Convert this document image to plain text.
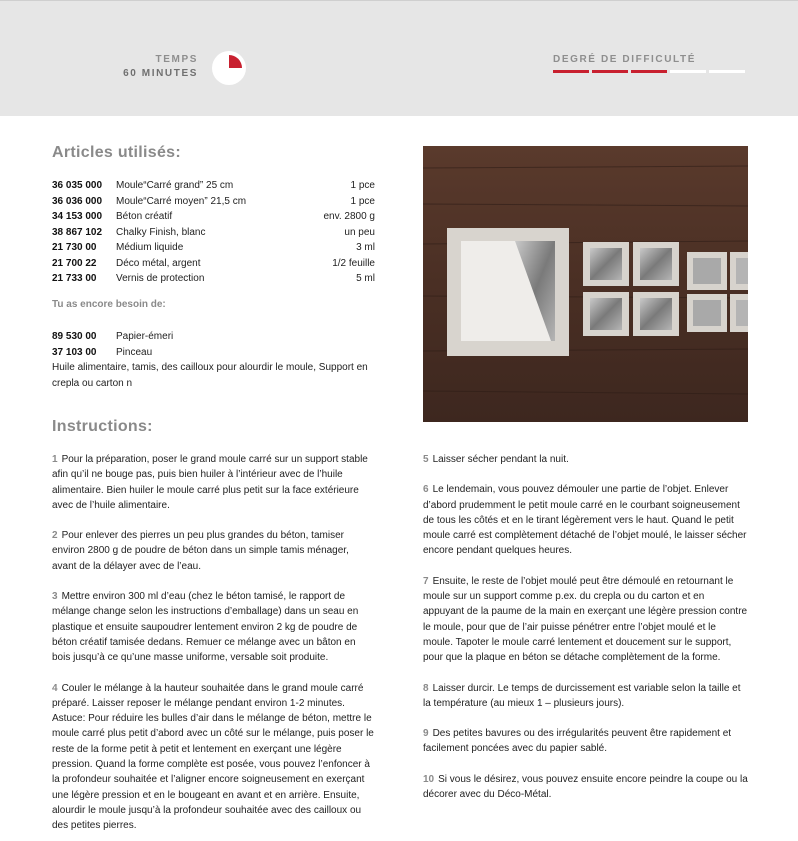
TEMPS
60 MINUTES
DEGRÉ DE DIFFICULTÉ
Articles utilisés:
36 035 000	Moule“Carré grand” 25 cm	1 pce
36 036 000	Moule“Carré moyen” 21,5 cm	1 pce
34 153 000	Béton créatif	env. 2800 g
38 867 102	Chalky Finish, blanc	un peu
21 730 00	Médium liquide	3 ml
21 700 22	Déco métal, argent	1/2 feuille
21 733 00	Vernis de protection	5 ml
Tu as encore besoin de:
89 530 00	Papier-émeri
37 103 00	Pinceau
Huile alimentaire, tamis, des cailloux pour alourdir le moule, Support en crepla ou carton n
Instructions:

1 Pour la préparation, poser le grand moule carré sur un support stable afin qu’il ne bouge pas, puis bien huiler à l’intérieur avec de l’huile alimentaire. Bien huiler le moule carré plus petit sur la face extérieure avec de l’huile alimentaire.

2 Pour enlever des pierres un peu plus grandes du béton, tamiser environ 2800 g de poudre de béton dans un simple tamis ménager, avant de la délayer avec de l’eau.

3 Mettre environ 300 ml d’eau (chez le béton tamisé, le rapport de mélange change selon les instructions d’emballage) dans un seau en plastique et ensuite saupoudrer lentement environ 2 kg de poudre de béton créatif tamisée dedans. Remuer ce mélange avec un bâton en bois jusqu’à ce qu’une masse uniforme, versable soit produite.

4 Couler le mélange à la hauteur souhaitée dans le grand moule carré préparé. Laisser reposer le mélange pendant environ 1-2 minutes. Astuce: Pour réduire les bulles d’air dans le mélange de béton, mettre le moule carré plus petit d’abord avec un côté sur le mélange, puis poser le reste de la forme petit à petit et lentement en exerçant une légère pression. Quand la forme complète est posée, vous pouvez l’enfoncer à la profondeur souhaitée et l’aligner encore soigneusement en exerçant une légère pression et en le bougeant en avant et en arrière. Ensuite, alourdir le moule jusqu’à la profondeur souhaitée avec des cailloux ou des petites pierres.

5 Laisser sécher pendant la nuit.

6 Le lendemain, vous pouvez démouler une partie de l’objet. Enlever d’abord prudemment le petit moule carré en le courbant soigneusement de tous les côtés et en le tirant légèrement vers le haut. Quand le petit moule carré est complètement détaché de l’objet moulé, le laisser sécher encore pendant quelques heures.

7 Ensuite, le reste de l’objet moulé peut être démoulé en retournant le moule sur un support comme p.ex. du crepla ou du carton et en appuyant de la paume de la main en exerçant une légère pression contre le moule, pour que de l’air puisse pénétrer entre l’objet moulé et le moule. Tapoter le moule carré lentement et doucement sur le support, pour que la plaque en béton se détache complètement de la forme.

8 Laisser durcir. Le temps de durcissement est variable selon la taille et la température (au mieux 1 – plusieurs jours).

9 Des petites bavures ou des irrégularités peuvent être rapidement et facilement poncées avec du papier sablé.

10 Si vous le désirez, vous pouvez ensuite encore peindre la coupe ou la décorer avec du Déco-Métal.
